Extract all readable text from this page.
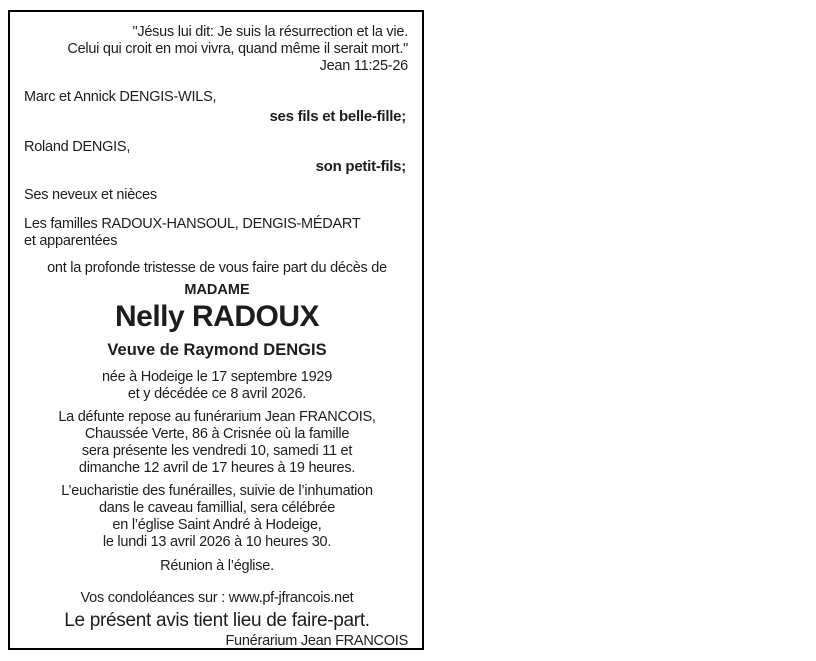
"Jésus lui dit: Je suis la résurrection et la vie.
Celui qui croit en moi vivra, quand même il serait mort."
Jean 11:25-26
Marc et Annick DENGIS-WILS,
ses fils et belle-fille;
Roland DENGIS,
son petit-fils;
Ses neveux et nièces
Les familles RADOUX-HANSOUL, DENGIS-MÉDART
et apparentées
ont la profonde tristesse de vous faire part du décès de
MADAME
Nelly RADOUX
Veuve de Raymond DENGIS
née à Hodeige le 17 septembre 1929
et y décédée ce 8 avril 2026.
La défunte repose au funérarium Jean FRANCOIS,
Chaussée Verte, 86 à Crisnée où la famille
sera présente les vendredi 10, samedi 11 et
dimanche 12 avril de 17 heures à 19 heures.
L’eucharistie des funérailles, suivie de l’inhumation
dans le caveau famillial, sera célébrée
en l’église Saint André à Hodeige,
le lundi 13 avril 2026 à 10 heures 30.
Réunion à l’église.
Vos condoléances sur : www.pf-jfrancois.net
Le présent avis tient lieu de faire-part.
Funérarium Jean FRANCOIS
